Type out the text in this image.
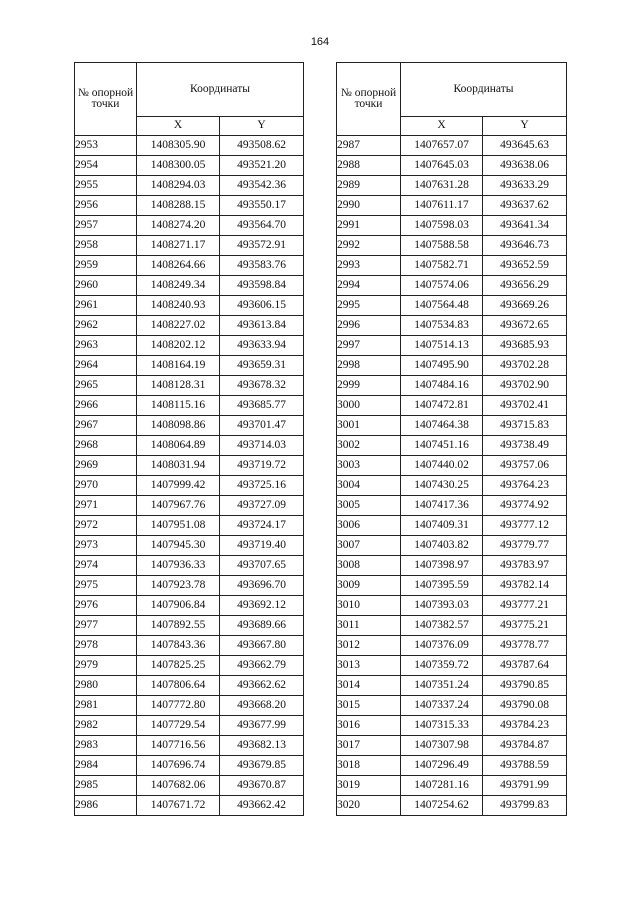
164
№ опорной точки	Координаты	
	X	Y
2953	1408305.90	493508.62
2954	1408300.05	493521.20
2955	1408294.03	493542.36
2956	1408288.15	493550.17
2957	1408274.20	493564.70
2958	1408271.17	493572.91
2959	1408264.66	493583.76
2960	1408249.34	493598.84
2961	1408240.93	493606.15
2962	1408227.02	493613.84
2963	1408202.12	493633.94
2964	1408164.19	493659.31
2965	1408128.31	493678.32
2966	1408115.16	493685.77
2967	1408098.86	493701.47
2968	1408064.89	493714.03
2969	1408031.94	493719.72
2970	1407999.42	493725.16
2971	1407967.76	493727.09
2972	1407951.08	493724.17
2973	1407945.30	493719.40
2974	1407936.33	493707.65
2975	1407923.78	493696.70
2976	1407906.84	493692.12
2977	1407892.55	493689.66
2978	1407843.36	493667.80
2979	1407825.25	493662.79
2980	1407806.64	493662.62
2981	1407772.80	493668.20
2982	1407729.54	493677.99
2983	1407716.56	493682.13
2984	1407696.74	493679.85
2985	1407682.06	493670.87
2986	1407671.72	493662.42
№ опорной точки	Координаты	
	X	Y
2987	1407657.07	493645.63
2988	1407645.03	493638.06
2989	1407631.28	493633.29
2990	1407611.17	493637.62
2991	1407598.03	493641.34
2992	1407588.58	493646.73
2993	1407582.71	493652.59
2994	1407574.06	493656.29
2995	1407564.48	493669.26
2996	1407534.83	493672.65
2997	1407514.13	493685.93
2998	1407495.90	493702.28
2999	1407484.16	493702.90
3000	1407472.81	493702.41
3001	1407464.38	493715.83
3002	1407451.16	493738.49
3003	1407440.02	493757.06
3004	1407430.25	493764.23
3005	1407417.36	493774.92
3006	1407409.31	493777.12
3007	1407403.82	493779.77
3008	1407398.97	493783.97
3009	1407395.59	493782.14
3010	1407393.03	493777.21
3011	1407382.57	493775.21
3012	1407376.09	493778.77
3013	1407359.72	493787.64
3014	1407351.24	493790.85
3015	1407337.24	493790.08
3016	1407315.33	493784.23
3017	1407307.98	493784.87
3018	1407296.49	493788.59
3019	1407281.16	493791.99
3020	1407254.62	493799.83
